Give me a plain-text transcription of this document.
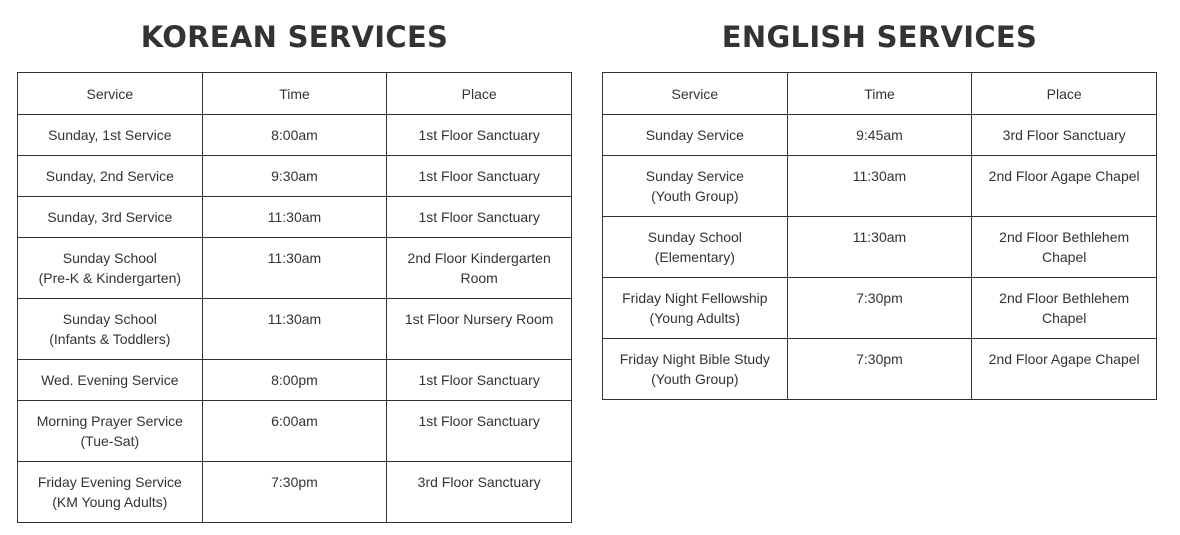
KOREAN SERVICES
Service	Time	Place

Sunday, 1st Service	8:00am	1st Floor Sanctuary

Sunday, 2nd Service	9:30am	1st Floor Sanctuary

Sunday, 3rd Service	11:30am	1st Floor Sanctuary

Sunday School
(Pre-K & Kindergarten)	11:30am	2nd Floor Kindergarten
Room

Sunday School
(Infants & Toddlers)	11:30am	1st Floor Nursery Room

Wed. Evening Service	8:00pm	1st Floor Sanctuary

Morning Prayer Service
(Tue-Sat)	6:00am	1st Floor Sanctuary

Friday Evening Service
(KM Young Adults)	7:30pm	3rd Floor Sanctuary
ENGLISH SERVICES
Service	Time	Place

Sunday Service	9:45am	3rd Floor Sanctuary

Sunday Service
(Youth Group)	11:30am	2nd Floor Agape Chapel

Sunday School
(Elementary)	11:30am	2nd Floor Bethlehem
Chapel

Friday Night Fellowship
(Young Adults)	7:30pm	2nd Floor Bethlehem
Chapel

Friday Night Bible Study
(Youth Group)	7:30pm	2nd Floor Agape Chapel
